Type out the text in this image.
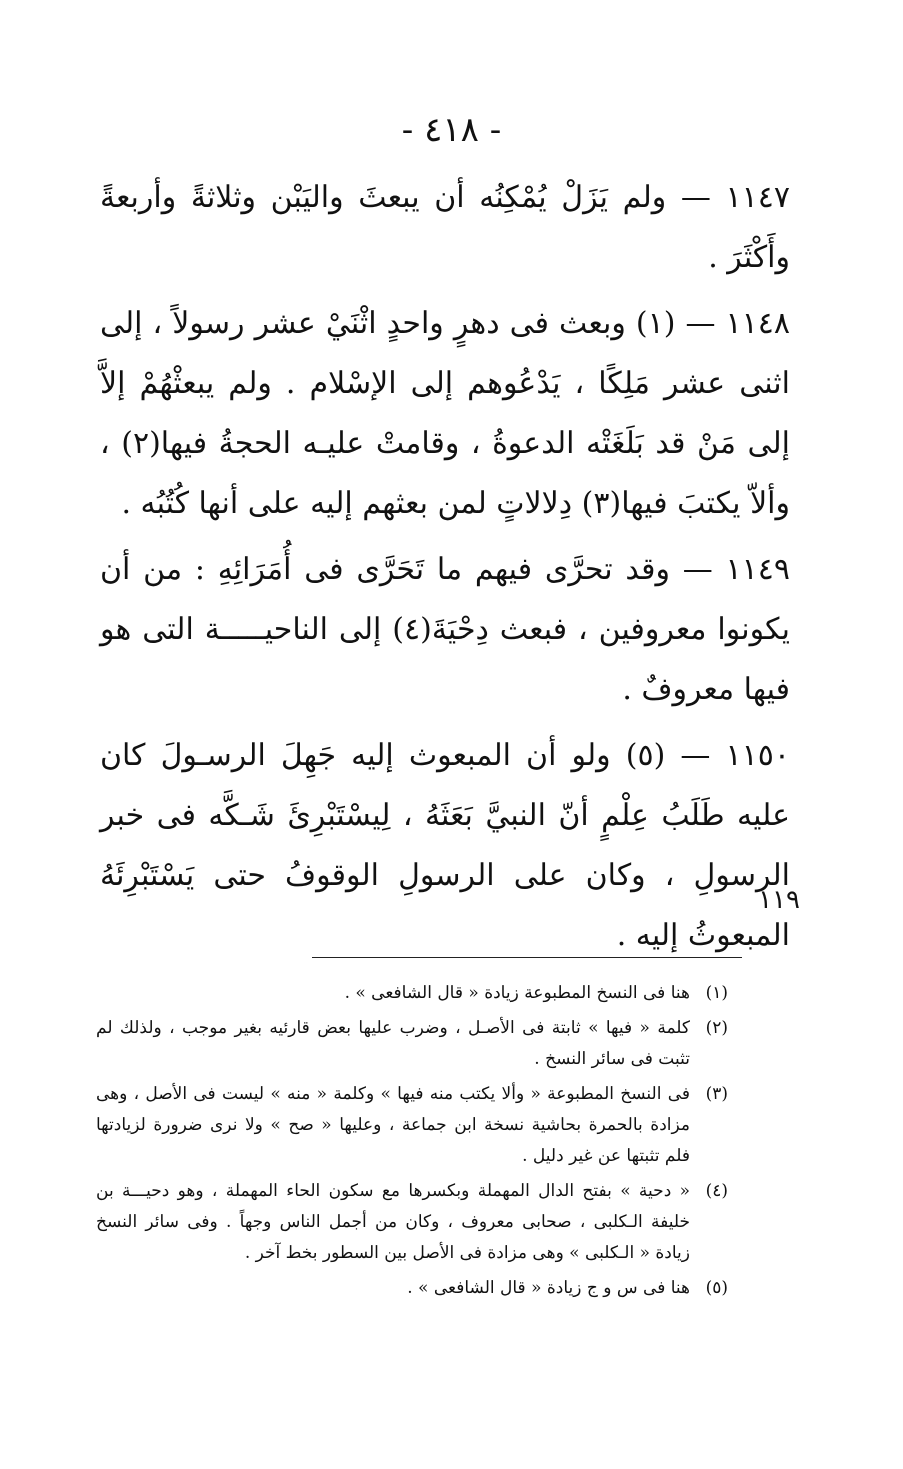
- ٤١٨ -

١١٤٧ — ولم يَزَلْ يُمْكِنُه أن يبعثَ واليَبْن وثلاثةً وأربعةً وأَكْثَرَ .

١١٤٨ — (١) وبعث فى دهرٍ واحدٍ اثْنَيْ عشر رسولاً ، إلى اثنى عشر مَلِكًا ، يَدْعُوهم إلى الإسْلام . ولم يبعثْهُمْ إلاَّ إلى مَنْ قد بَلَغَتْه الدعوةُ ، وقامتْ عليـه الحجةُ فيها(٢) ، وألاّ يكتبَ فيها(٣) دِلالاتٍ لمن بعثهم إليه على أنها كُتُبُه .

١١٤٩ — وقد تحرَّى فيهم ما تَحَرَّى فى أُمَرَائِهِ : من أن يكونوا معروفين ، فبعث دِحْيَةَ(٤) إلى الناحيـــــة التى هو فيها معروفٌ .

١١٥٠ — (٥) ولو أن المبعوث إليه جَهِلَ الرسـولَ كان عليه طَلَبُ عِلْمٍ أنّ النبيَّ بَعَثَهُ ، لِيسْتَبْرِئَ شَـكَّه فى خبر الرسولِ ، وكان على الرسولِ الوقوفُ حتى يَسْتَبْرِئَهُ المبعوثُ إليه .

١١٩

(١)
هنا فى النسخ المطبوعة زيادة « قال الشافعى » .

(٢)
كلمة « فيها » ثابتة فى الأصـل ، وضرب عليها بعض قارئيه بغير موجب ، ولذلك لم تثبت فى سائر النسخ .

(٣)
فى النسخ المطبوعة « وألا يكتب منه فيها » وكلمة « منه » ليست فى الأصل ، وهى مزادة بالحمرة بحاشية نسخة ابن جماعة ، وعليها « صح » ولا نرى ضرورة لزيادتها فلم تثبتها عن غير دليل .

(٤)
« دحية » بفتح الدال المهملة وبكسرها مع سكون الحاء المهملة ، وهو دحيـــة بن خليفة الـكلبى ، صحابى معروف ، وكان من أجمل الناس وجهاً . وفى سائر النسخ زيادة « الـكلبى » وهى مزادة فى الأصل بين السطور بخط آخر .

(٥)
هنا فى س و ج زيادة « قال الشافعى » .
